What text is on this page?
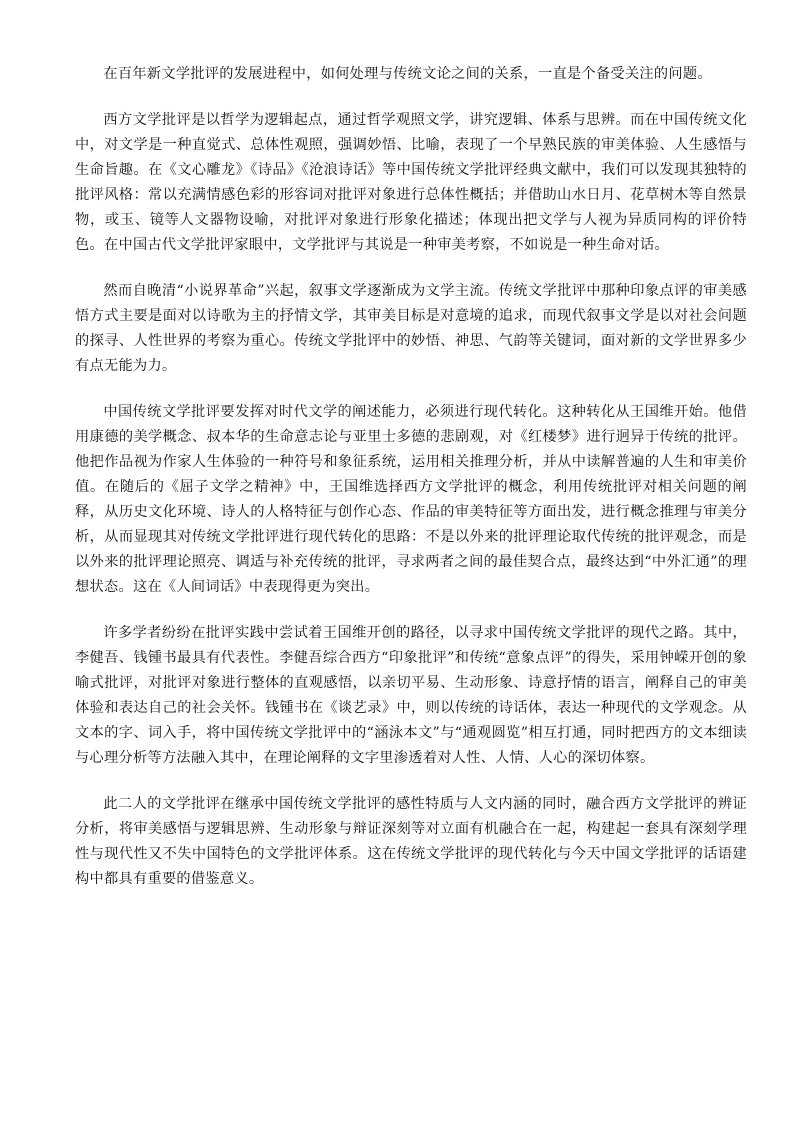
在百年新文学批评的发展进程中，如何处理与传统文论之间的关系，一直是个备受关注的问题。

西方文学批评是以哲学为逻辑起点，通过哲学观照文学，讲究逻辑、体系与思辨。而在中国传统文化中，对文学是一种直觉式、总体性观照，强调妙悟、比喻，表现了一个早熟民族的审美体验、人生感悟与生命旨趣。在《文心雕龙》《诗品》《沧浪诗话》等中国传统文学批评经典文献中，我们可以发现其独特的批评风格：常以充满情感色彩的形容词对批评对象进行总体性概括；并借助山水日月、花草树木等自然景物，或玉、镜等人文器物设喻，对批评对象进行形象化描述；体现出把文学与人视为异质同构的评价特色。在中国古代文学批评家眼中，文学批评与其说是一种审美考察，不如说是一种生命对话。

然而自晚清“小说界革命”兴起，叙事文学逐渐成为文学主流。传统文学批评中那种印象点评的审美感悟方式主要是面对以诗歌为主的抒情文学，其审美目标是对意境的追求，而现代叙事文学是以对社会问题的探寻、人性世界的考察为重心。传统文学批评中的妙悟、神思、气韵等关键词，面对新的文学世界多少有点无能为力。

中国传统文学批评要发挥对时代文学的阐述能力，必须进行现代转化。这种转化从王国维开始。他借用康德的美学概念、叔本华的生命意志论与亚里士多德的悲剧观，对《红楼梦》进行迥异于传统的批评。他把作品视为作家人生体验的一种符号和象征系统，运用相关推理分析，并从中读解普遍的人生和审美价值。在随后的《屈子文学之精神》中，王国维选择西方文学批评的概念，利用传统批评对相关问题的阐释，从历史文化环境、诗人的人格特征与创作心态、作品的审美特征等方面出发，进行概念推理与审美分析，从而显现其对传统文学批评进行现代转化的思路：不是以外来的批评理论取代传统的批评观念，而是以外来的批评理论照亮、调适与补充传统的批评，寻求两者之间的最佳契合点，最终达到“中外汇通”的理想状态。这在《人间词话》中表现得更为突出。

许多学者纷纷在批评实践中尝试着王国维开创的路径，以寻求中国传统文学批评的现代之路。其中，李健吾、钱锺书最具有代表性。李健吾综合西方“印象批评”和传统“意象点评”的得失，采用钟嵘开创的象喻式批评，对批评对象进行整体的直观感悟，以亲切平易、生动形象、诗意抒情的语言，阐释自己的审美体验和表达自己的社会关怀。钱锺书在《谈艺录》中，则以传统的诗话体，表达一种现代的文学观念。从文本的字、词入手，将中国传统文学批评中的“涵泳本文”与“通观圆览”相互打通，同时把西方的文本细读与心理分析等方法融入其中，在理论阐释的文字里渗透着对人性、人情、人心的深切体察。

此二人的文学批评在继承中国传统文学批评的感性特质与人文内涵的同时，融合西方文学批评的辨证分析，将审美感悟与逻辑思辨、生动形象与辩证深刻等对立面有机融合在一起，构建起一套具有深刻学理性与现代性又不失中国特色的文学批评体系。这在传统文学批评的现代转化与今天中国文学批评的话语建构中都具有重要的借鉴意义。
